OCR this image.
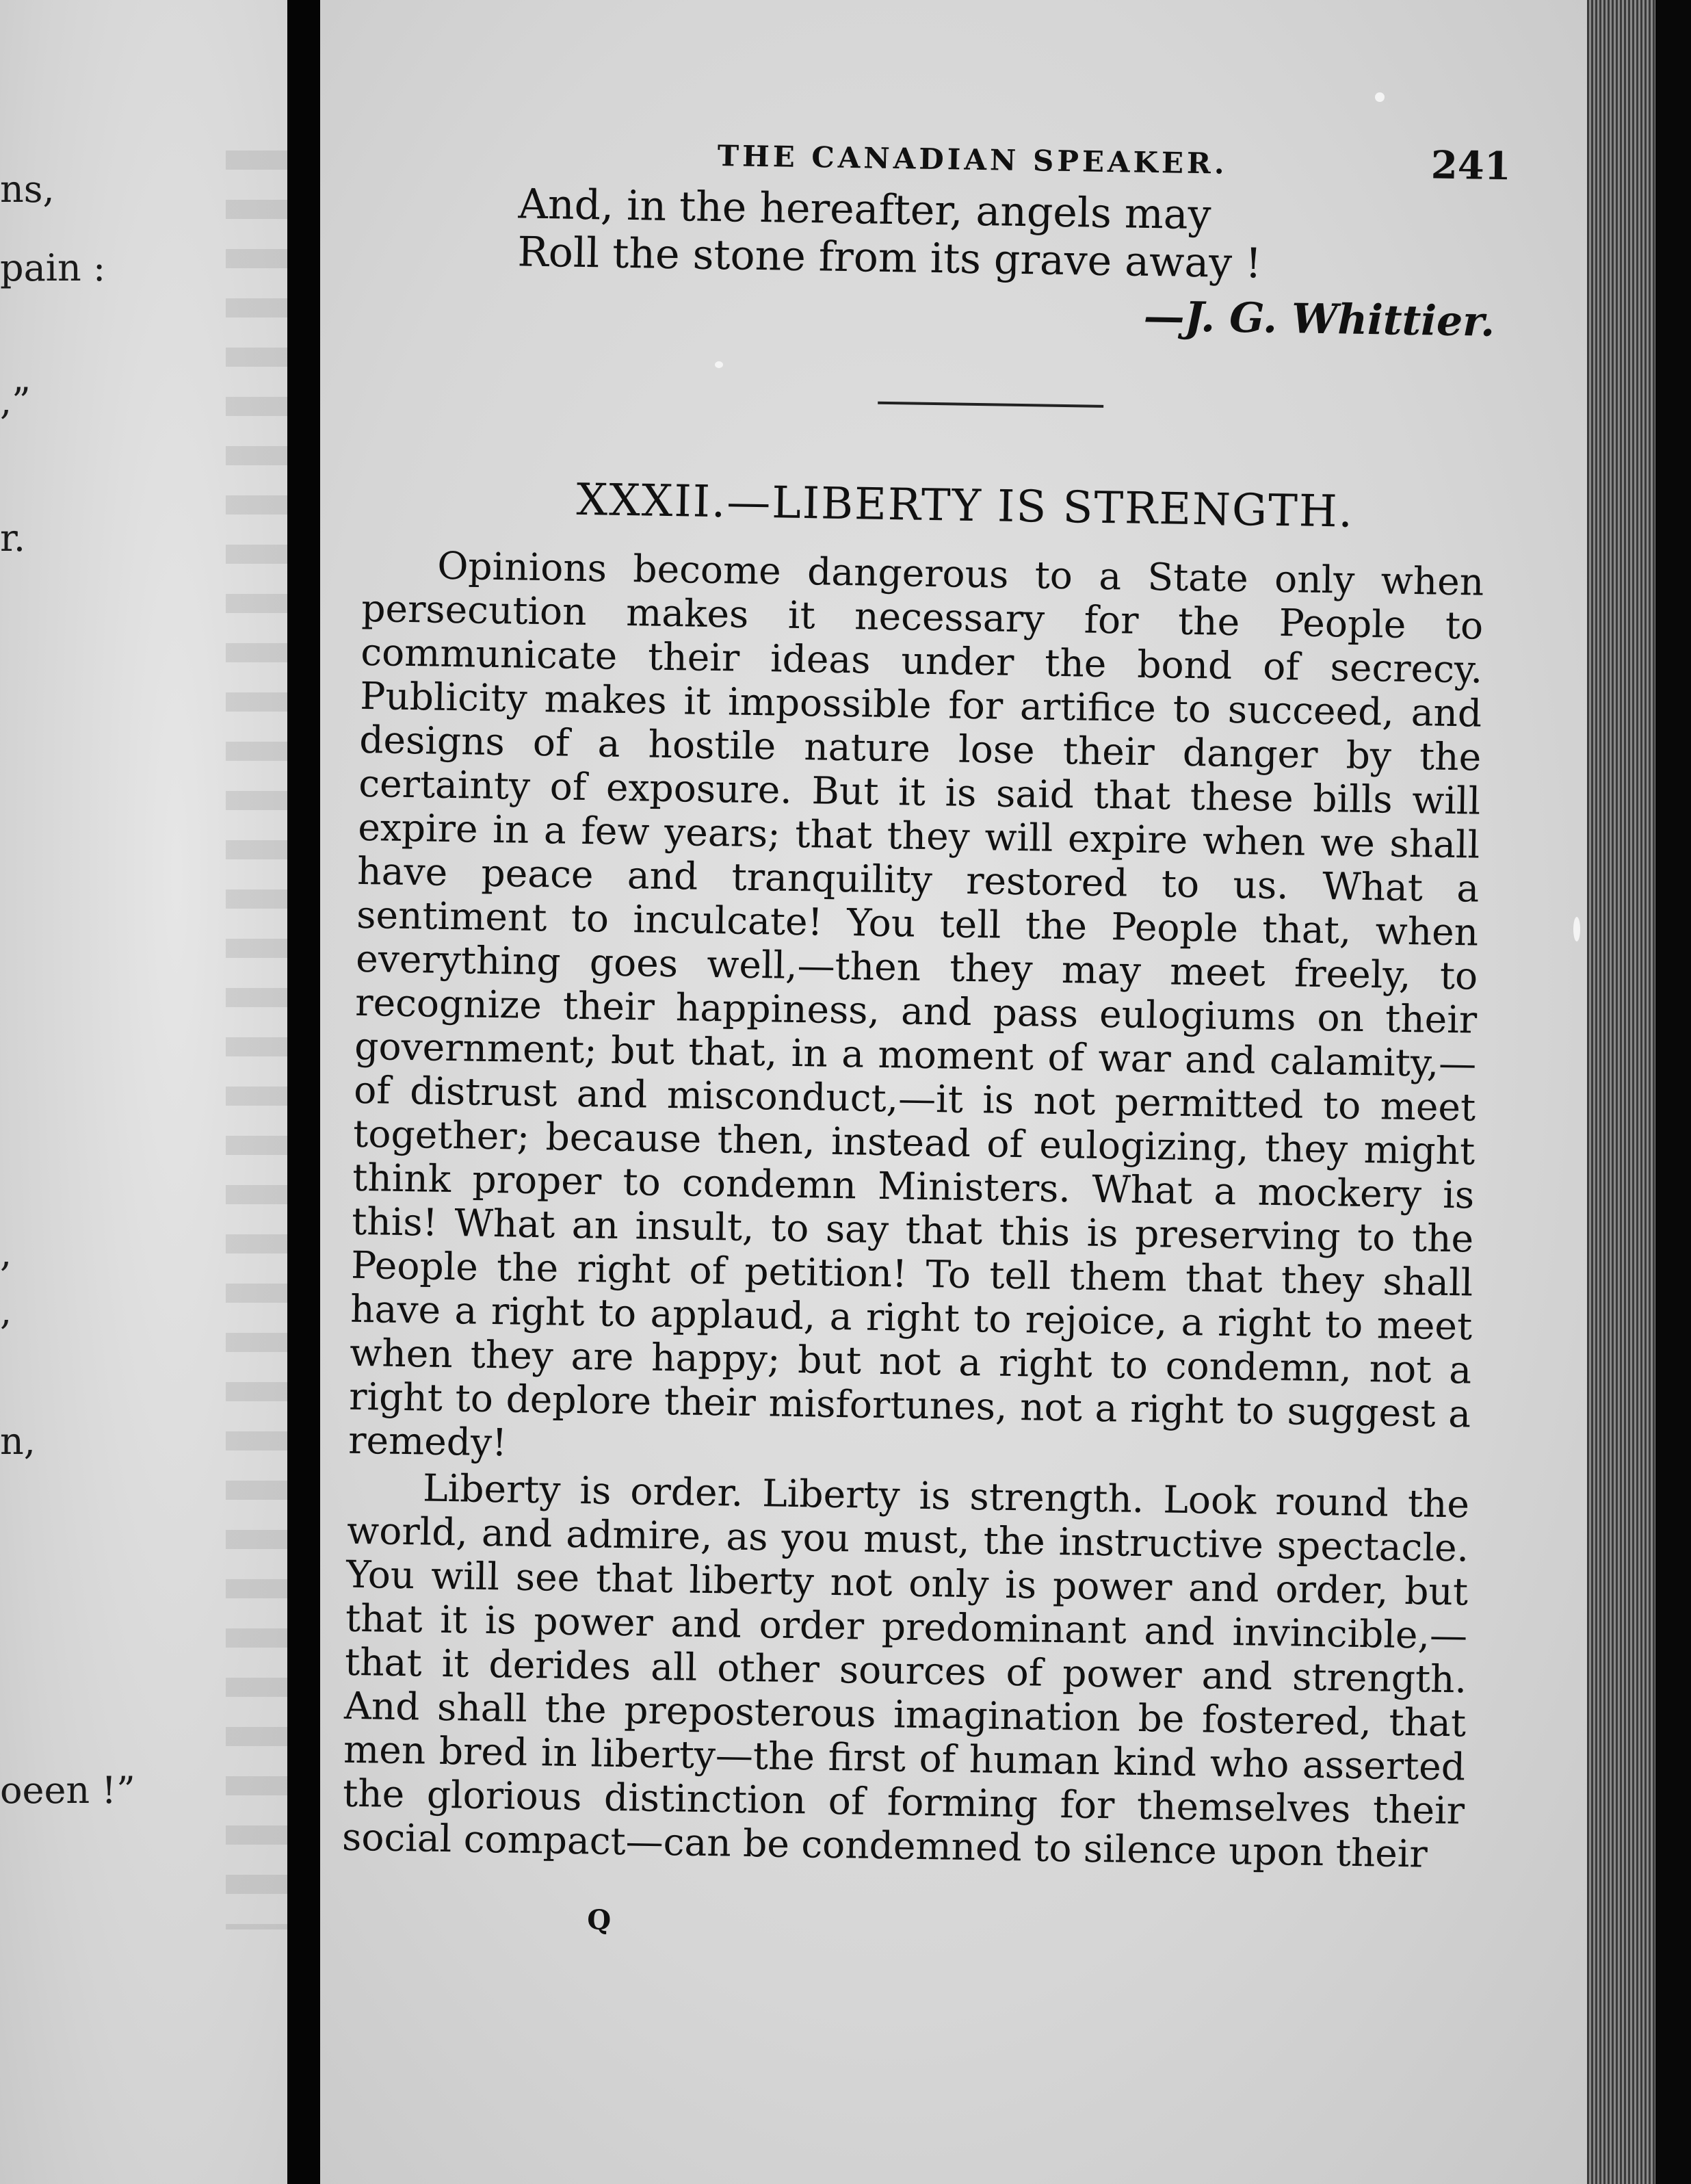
ns,
pain :
,”
r.
,
,
n,
oeen !”
THE CANADIAN SPEAKER.	241
And, in the hereafter, angels may
Roll the stone from its grave away !
—J. G. Whittier.
XXXII.—LIBERTY IS STRENGTH.

Opinions become dangerous to a State only when persecution makes it necessary for the People to communicate their ideas under the bond of secrecy. Publicity makes it impossible for artifice to succeed, and designs of a hostile nature lose their danger by the certainty of exposure. But it is said that these bills will expire in a few years; that they will expire when we shall have peace and tranquility restored to us. What a sentiment to inculcate! You tell the People that, when everything goes well,—then they may meet freely, to recognize their happiness, and pass eulogiums on their government; but that, in a moment of war and calamity,—of distrust and misconduct,—it is not permitted to meet together; because then, instead of eulogizing, they might think proper to condemn Ministers. What a mockery is this! What an insult, to say that this is preserving to the People the right of petition! To tell them that they shall have a right to applaud, a right to rejoice, a right to meet when they are happy; but not a right to condemn, not a right to deplore their misfortunes, not a right to suggest a remedy!

Liberty is order. Liberty is strength. Look round the world, and admire, as you must, the instructive spectacle. You will see that liberty not only is power and order, but that it is power and order predominant and invincible,—that it derides all other sources of power and strength. And shall the preposterous imagination be fostered, that men bred in liberty—the first of human kind who asserted the glorious distinction of forming for themselves their social compact—can be condemned to silence upon their

Q
